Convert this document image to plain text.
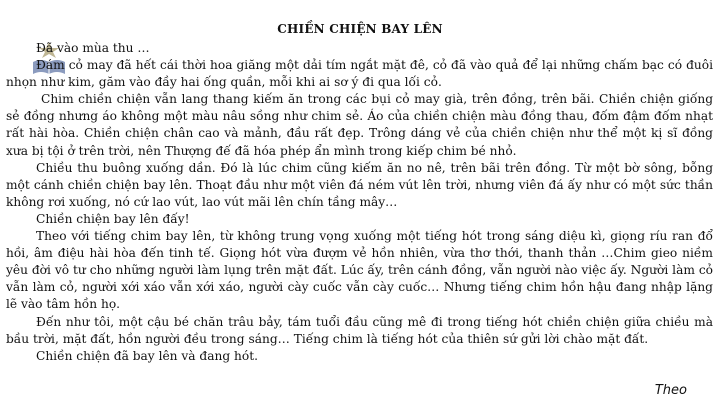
CHIỀN CHIỆN BAY LÊN

Đã vào mùa thu …

Đám cỏ may đã hết cái thời hoa giăng một dải tím ngắt mặt đê, cỏ đã vào quả để lại những chấm bạc có đuôi nhọn như kim, găm vào đầy hai ống quần, mỗi khi ai sơ ý đi qua lối cỏ.

Chim chiền chiện vẫn lang thang kiếm ăn trong các bụi cỏ may già, trên đồng, trên bãi. Chiền chiện giống sẻ đồng nhưng áo không một màu nâu sồng như chim sẻ. Áo của chiền chiện màu đồng thau, đốm đậm đốm nhạt rất hài hòa. Chiền chiện chân cao và mảnh, đầu rất đẹp. Trông dáng vẻ của chiền chiện như thể một kị sĩ đồng xưa bị tội ở trên trời, nên Thượng đế đã hóa phép ẩn mình trong kiếp chim bé nhỏ.

Chiều thu buông xuống dần. Đó là lúc chim cũng kiếm ăn no nê, trên bãi trên đồng. Từ một bờ sông, bỗng một cánh chiền chiện bay lên. Thoạt đầu như một viên đá ném vút lên trời, nhưng viên đá ấy như có một sức thần không rơi xuống, nó cứ lao vút, lao vút mãi lên chín tầng mây…

Chiền chiện bay lên đấy!

Theo với tiếng chim bay lên, từ không trung vọng xuống một tiếng hót trong sáng diệu kì, giọng ríu ran đổ hồi, âm điệu hài hòa đến tinh tế. Giọng hót vừa đượm vẻ hồn nhiên, vừa thơ thới, thanh thản …Chim gieo niềm yêu đời vô tư cho những người làm lụng trên mặt đất. Lúc ấy, trên cánh đồng, vẫn người nào việc ấy. Người làm cỏ vẫn làm cỏ, người xới xáo vẫn xới xáo, người cày cuốc vẫn cày cuốc… Nhưng tiếng chim hồn hậu đang nhập lặng lẽ vào tâm hồn họ.

Đến như tôi, một cậu bé chăn trâu bảy, tám tuổi đầu cũng mê đi trong tiếng hót chiền chiện giữa chiều mà bầu trời, mặt đất, hồn người đều trong sáng… Tiếng chim là tiếng hót của thiên sứ gửi lời chào mặt đất.

Chiền chiện đã bay lên và đang hót.

Theo
